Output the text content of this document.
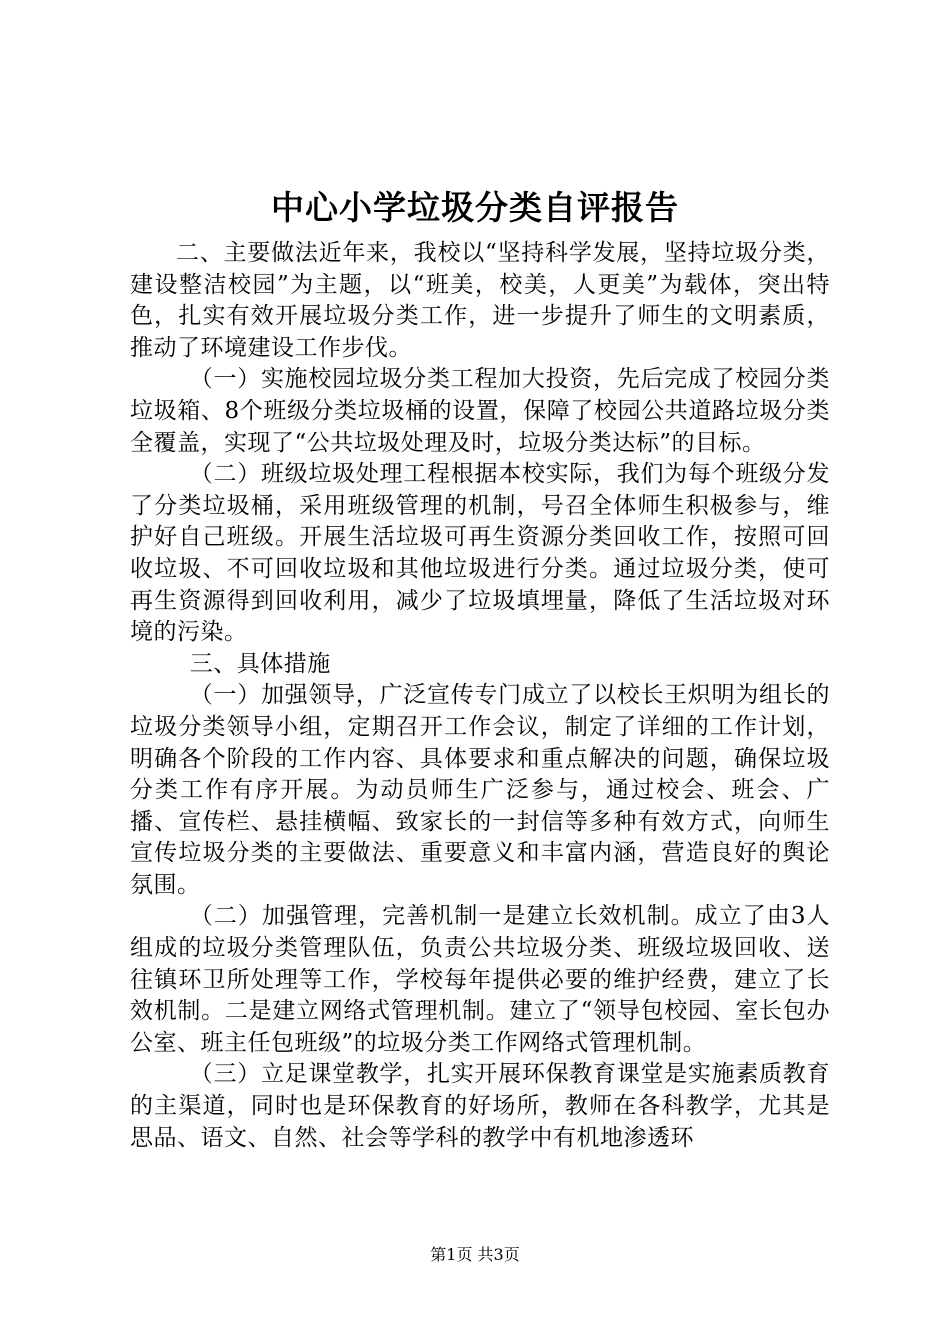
中心小学垃圾分类自评报告

二、主要做法近年来，我校以“坚持科学发展，坚持垃圾分类，建设整洁校园”为主题，以“班美，校美，人更美”为载体，突出特色，扎实有效开展垃圾分类工作，进一步提升了师生的文明素质，推动了环境建设工作步伐。

（一）实施校园垃圾分类工程加大投资，先后完成了校园分类垃圾箱、8个班级分类垃圾桶的设置，保障了校园公共道路垃圾分类全覆盖，实现了“公共垃圾处理及时，垃圾分类达标”的目标。

（二）班级垃圾处理工程根据本校实际，我们为每个班级分发了分类垃圾桶，采用班级管理的机制，号召全体师生积极参与，维护好自己班级。开展生活垃圾可再生资源分类回收工作，按照可回收垃圾、不可回收垃圾和其他垃圾进行分类。通过垃圾分类，使可再生资源得到回收利用，减少了垃圾填埋量，降低了生活垃圾对环境的污染。

三、具体措施

（一）加强领导，广泛宣传专门成立了以校长王炽明为组长的垃圾分类领导小组，定期召开工作会议，制定了详细的工作计划，明确各个阶段的工作内容、具体要求和重点解决的问题，确保垃圾分类工作有序开展。为动员师生广泛参与，通过校会、班会、广播、宣传栏、悬挂横幅、致家长的一封信等多种有效方式，向师生宣传垃圾分类的主要做法、重要意义和丰富内涵，营造良好的舆论氛围。

（二）加强管理，完善机制一是建立长效机制。成立了由3人组成的垃圾分类管理队伍，负责公共垃圾分类、班级垃圾回收、送往镇环卫所处理等工作，学校每年提供必要的维护经费，建立了长效机制。二是建立网络式管理机制。建立了“领导包校园、室长包办公室、班主任包班级”的垃圾分类工作网络式管理机制。

（三）立足课堂教学，扎实开展环保教育课堂是实施素质教育的主渠道，同时也是环保教育的好场所，教师在各科教学，尤其是思品、语文、自然、社会等学科的教学中有机地渗透环

第1页 共3页
